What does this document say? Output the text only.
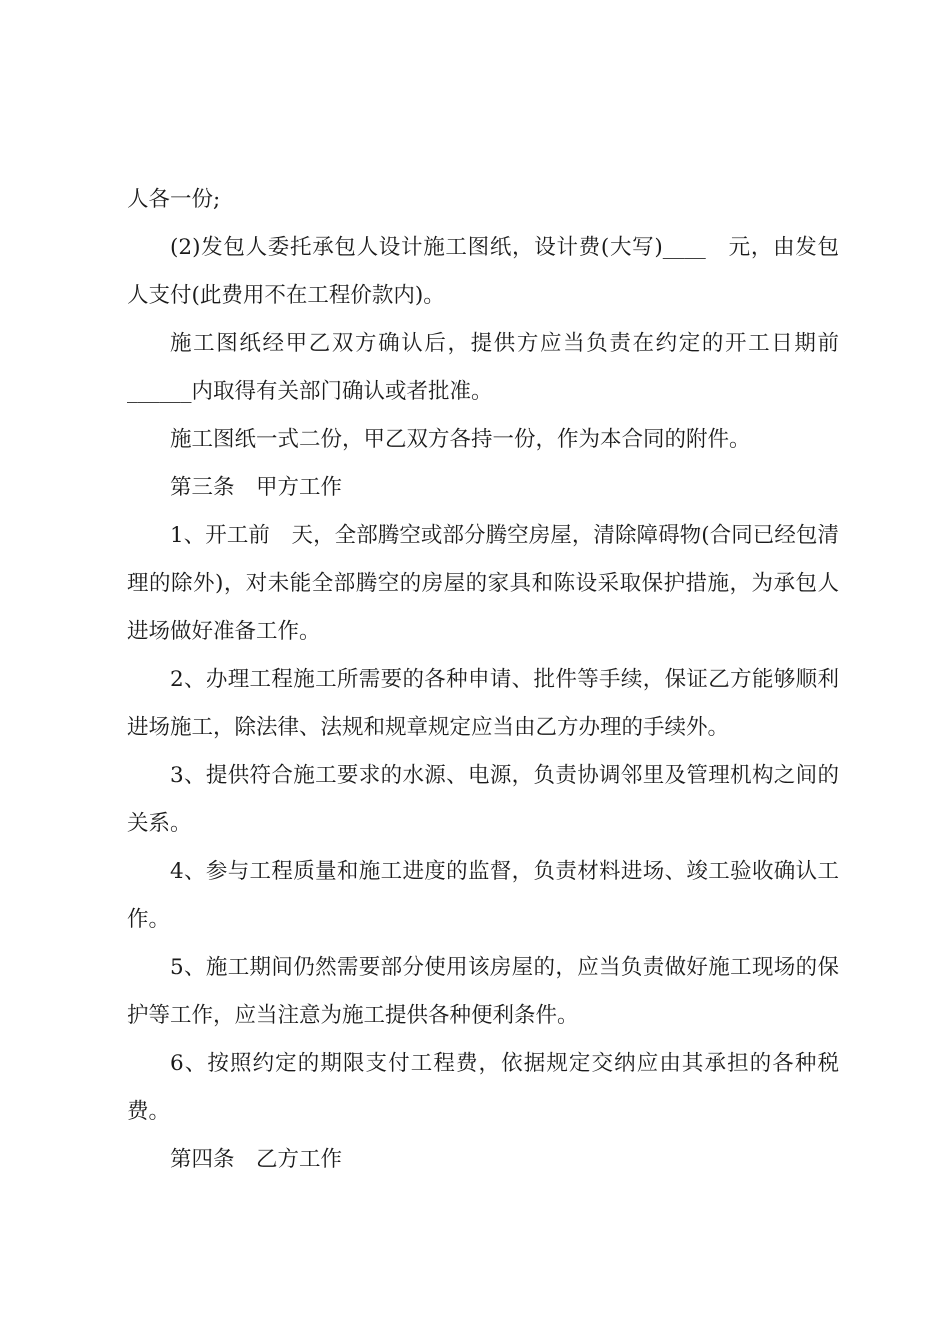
人各一份;

(2)发包人委托承包人设计施工图纸，设计费(大写)____　元，由发包人支付(此费用不在工程价款内)。

施工图纸经甲乙双方确认后，提供方应当负责在约定的开工日期前______内取得有关部门确认或者批准。

施工图纸一式二份，甲乙双方各持一份，作为本合同的附件。

第三条　甲方工作

1、开工前　天，全部腾空或部分腾空房屋，清除障碍物(合同已经包清理的除外)，对未能全部腾空的房屋的家具和陈设采取保护措施，为承包人进场做好准备工作。

2、办理工程施工所需要的各种申请、批件等手续，保证乙方能够顺利进场施工，除法律、法规和规章规定应当由乙方办理的手续外。

3、提供符合施工要求的水源、电源，负责协调邻里及管理机构之间的关系。

4、参与工程质量和施工进度的监督，负责材料进场、竣工验收确认工作。

5、施工期间仍然需要部分使用该房屋的，应当负责做好施工现场的保护等工作，应当注意为施工提供各种便利条件。

6、按照约定的期限支付工程费，依据规定交纳应由其承担的各种税费。

第四条　乙方工作
